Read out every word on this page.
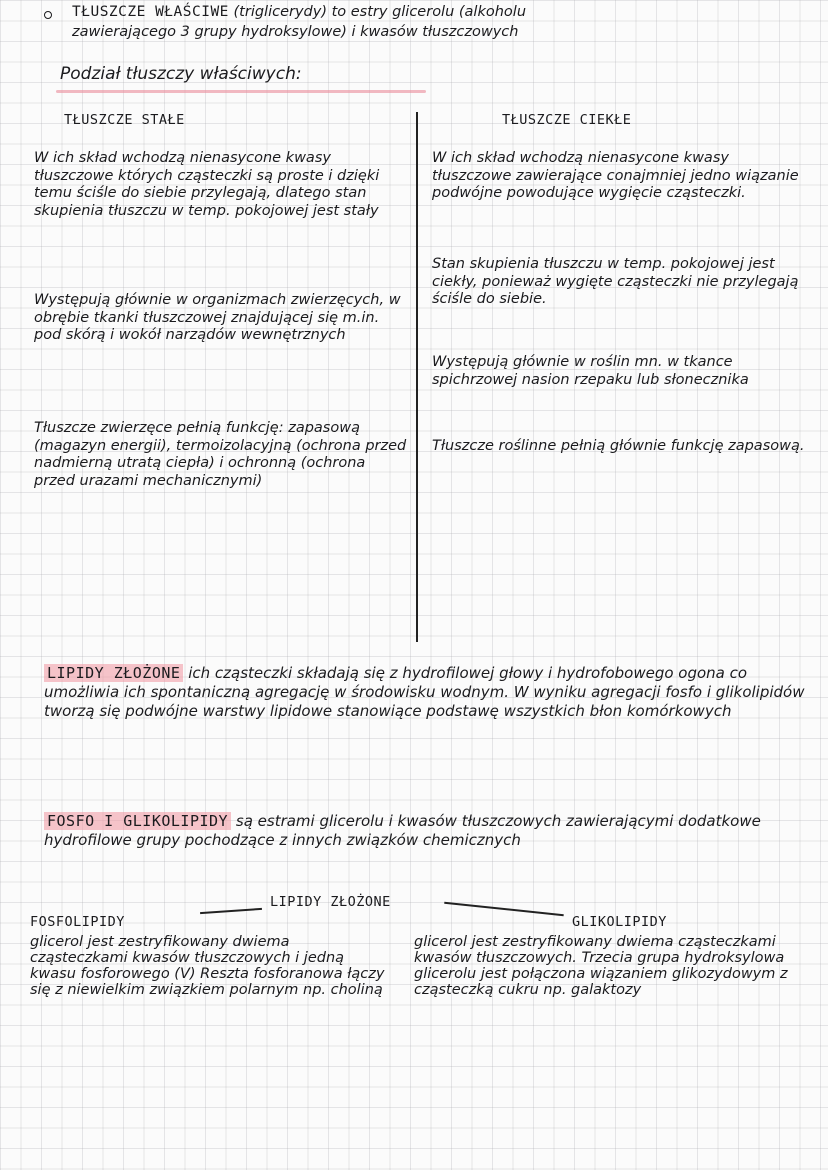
TŁUSZCZE WŁAŚCIWE (triglicerydy) to estry glicerolu (alkoholu
zawierającego 3 grupy hydroksylowe) i kwasów tłuszczowych
Podział tłuszczy właściwych:
TŁUSZCZE STAŁE
W ich skład wchodzą nienasycone kwasy tłuszczowe których cząsteczki są proste i dzięki temu ściśle do siebie przylegają, dlatego stan skupienia tłuszczu w temp. pokojowej jest stały
Występują głównie w organizmach zwierzęcych, w obrębie tkanki tłuszczowej znajdującej się m.in. pod skórą i wokół narządów wewnętrznych
Tłuszcze zwierzęce pełnią funkcję: zapasową (magazyn energii), termoizolacyjną (ochrona przed nadmierną utratą ciepła) i ochronną (ochrona przed urazami mechanicznymi)
TŁUSZCZE CIEKŁE
W ich skład wchodzą nienasycone kwasy tłuszczowe zawierające conajmniej jedno wiązanie podwójne powodujące wygięcie cząsteczki.
Stan skupienia tłuszczu w temp. pokojowej jest ciekły, ponieważ wygięte cząsteczki nie przylegają ściśle do siebie.
Występują głównie w roślin mn. w tkance spichrzowej nasion rzepaku lub słonecznika
Tłuszcze roślinne pełnią głównie funkcję zapasową.
LIPIDY ZŁOŻONE ich cząsteczki składają się z hydrofilowej głowy i hydrofobowego ogona co umożliwia ich spontaniczną agregację w środowisku wodnym. W wyniku agregacji fosfo i glikolipidów tworzą się podwójne warstwy lipidowe stanowiące podstawę wszystkich błon komórkowych
FOSFO I GLIKOLIPIDY są estrami glicerolu i kwasów tłuszczowych zawierającymi dodatkowe hydrofilowe grupy pochodzące z innych związków chemicznych
LIPIDY ZŁOŻONE
FOSFOLIPIDY
glicerol jest zestryfikowany dwiema cząsteczkami kwasów tłuszczowych i jedną kwasu fosforowego (V) Reszta fosforanowa łączy się z niewielkim związkiem polarnym np. choliną
GLIKOLIPIDY
glicerol jest zestryfikowany dwiema cząsteczkami kwasów tłuszczowych. Trzecia grupa hydroksylowa glicerolu jest połączona wiązaniem glikozydowym z cząsteczką cukru np. galaktozy
